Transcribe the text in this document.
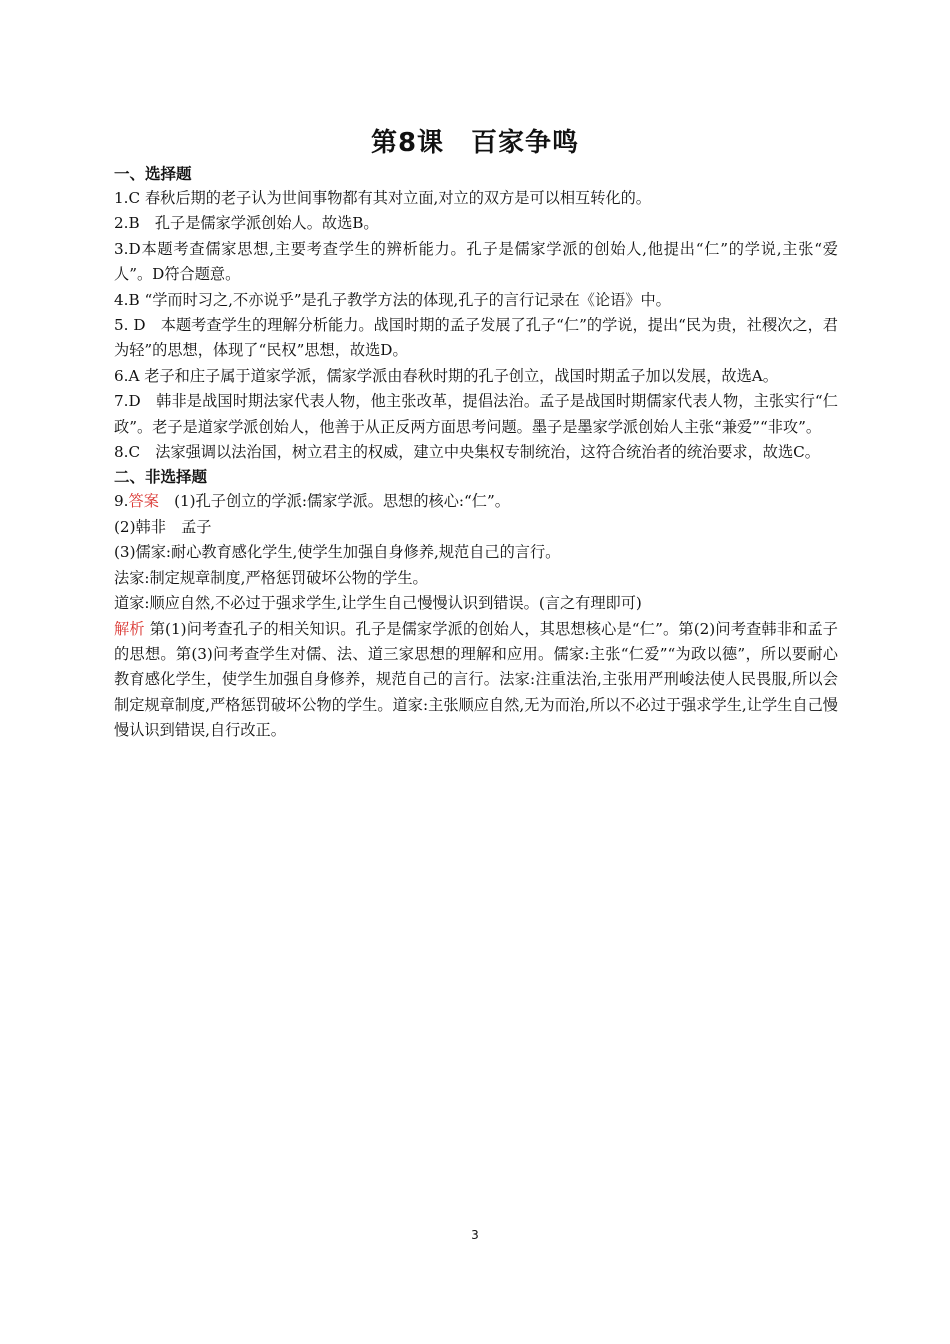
第8课　百家争鸣
一、选择题

1.C 春秋后期的老子认为世间事物都有其对立面,对立的双方是可以相互转化的。

2.B　孔子是儒家学派创始人。故选B。

3.D本题考查儒家思想,主要考查学生的辨析能力。孔子是儒家学派的创始人,他提出“仁”的学说,主张“爱人”。D符合题意。

4.B “学而时习之,不亦说乎”是孔子教学方法的体现,孔子的言行记录在《论语》中。

5. D　本题考查学生的理解分析能力。战国时期的孟子发展了孔子“仁”的学说，提出“民为贵，社稷次之，君为轻”的思想，体现了“民权”思想，故选D。

6.A 老子和庄子属于道家学派，儒家学派由春秋时期的孔子创立，战国时期孟子加以发展，故选A。

7.D　韩非是战国时期法家代表人物，他主张改革，提倡法治。孟子是战国时期儒家代表人物，主张实行“仁政”。老子是道家学派创始人，他善于从正反两方面思考问题。墨子是墨家学派创始人主张“兼爱”“非攻”。

8.C　法家强调以法治国，树立君主的权威，建立中央集权专制统治，这符合统治者的统治要求，故选C。

二、非选择题

9.答案　(1)孔子创立的学派:儒家学派。思想的核心:“仁”。

(2)韩非　孟子

(3)儒家:耐心教育感化学生,使学生加强自身修养,规范自己的言行。

法家:制定规章制度,严格惩罚破坏公物的学生。

道家:顺应自然,不必过于强求学生,让学生自己慢慢认识到错误。(言之有理即可)

解析 第(1)问考查孔子的相关知识。孔子是儒家学派的创始人，其思想核心是“仁”。第(2)问考查韩非和孟子的思想。第(3)问考查学生对儒、法、道三家思想的理解和应用。儒家:主张“仁爱”“为政以德”，所以要耐心教育感化学生，使学生加强自身修养，规范自己的言行。法家:注重法治,主张用严刑峻法使人民畏服,所以会制定规章制度,严格惩罚破坏公物的学生。道家:主张顺应自然,无为而治,所以不必过于强求学生,让学生自己慢慢认识到错误,自行改正。

3
